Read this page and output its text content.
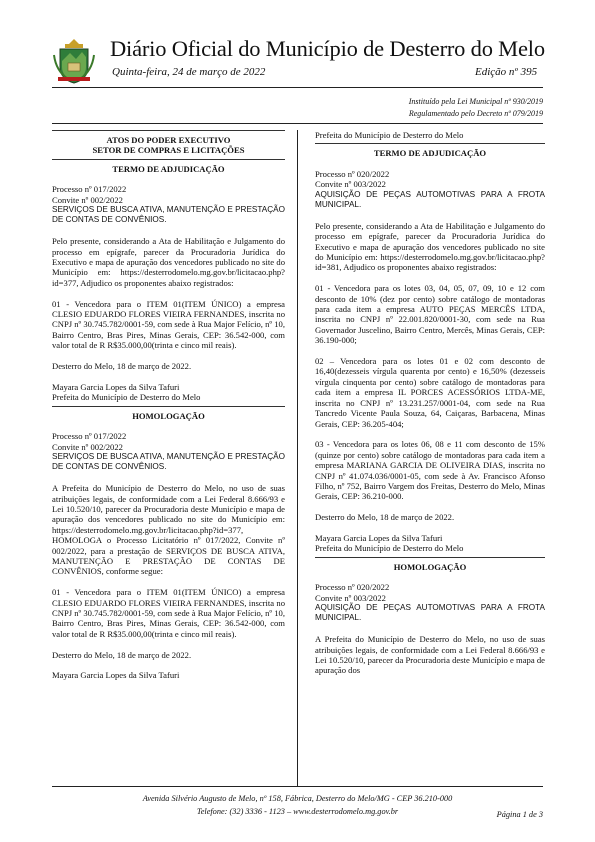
Diário Oficial do Município de Desterro do Melo
Quinta-feira, 24 de março de 2022	Edição nº 395
Instituído pela Lei Municipal nº 930/2019
Regulamentado pelo Decreto nº 079/2019

ATOS DO PODER EXECUTIVO

SETOR DE COMPRAS E LICITAÇÕES

TERMO DE ADJUDICAÇÃO

Processo nº 017/2022

Convite nº 002/2022

SERVIÇOS DE BUSCA ATIVA, MANUTENÇÃO E PRESTAÇÃO DE CONTAS DE CONVÊNIOS.

Pelo presente, considerando a Ata de Habilitação e Julgamento do processo em epígrafe, parecer da Procuradoria Jurídica do Executivo e mapa de apuração dos vencedores publicado no site do Município em: https://desterrodomelo.mg.gov.br/licitacao.php?id=377, Adjudico os proponentes abaixo registrados:

01 - Vencedora para o ITEM 01(ITEM ÚNICO) a empresa CLESIO EDUARDO FLORES VIEIRA FERNANDES, inscrita no CNPJ nº 30.745.782/0001-59, com sede à Rua Major Felício, nº 10, Bairro Centro, Bras Pires, Minas Gerais, CEP: 36.542-000, com valor total de R R$35.000,00(trinta e cinco mil reais).

Desterro do Melo, 18 de março de 2022.

Mayara Garcia Lopes da Silva Tafuri

Prefeita do Município de Desterro do Melo

HOMOLOGAÇÃO

Processo nº 017/2022

Convite nº 002/2022

SERVIÇOS DE BUSCA ATIVA, MANUTENÇÃO E PRESTAÇÃO DE CONTAS DE CONVÊNIOS.

A Prefeita do Município de Desterro do Melo, no uso de suas atribuições legais, de conformidade com a Lei Federal 8.666/93 e Lei 10.520/10, parecer da Procuradoria deste Município e mapa de apuração dos vencedores publicado no site do Município em: https://desterrodomelo.mg.gov.br/licitacao.php?id=377, HOMOLOGA o Processo Licitatório nº 017/2022, Convite nº 002/2022, para a prestação de SERVIÇOS DE BUSCA ATIVA, MANUTENÇÃO E PRESTAÇÃO DE CONTAS DE CONVÊNIOS, conforme segue:

01 - Vencedora para o ITEM 01(ITEM ÚNICO) a empresa CLESIO EDUARDO FLORES VIEIRA FERNANDES, inscrita no CNPJ nº 30.745.782/0001-59, com sede à Rua Major Felício, nº 10, Bairro Centro, Bras Pires, Minas Gerais, CEP: 36.542-000, com valor total de R R$35.000,00(trinta e cinco mil reais).

Desterro do Melo, 18 de março de 2022.

Mayara Garcia Lopes da Silva Tafuri

Prefeita do Município de Desterro do Melo

TERMO DE ADJUDICAÇÃO

Processo nº 020/2022

Convite nº 003/2022

AQUISIÇÃO DE PEÇAS AUTOMOTIVAS PARA A FROTA MUNICIPAL.

Pelo presente, considerando a Ata de Habilitação e Julgamento do processo em epígrafe, parecer da Procuradoria Jurídica do Executivo e mapa de apuração dos vencedores publicado no site do Município em: https://desterrodomelo.mg.gov.br/licitacao.php?id=381, Adjudico os proponentes abaixo registrados:

01 - Vencedora para os lotes 03, 04, 05, 07, 09, 10 e 12 com desconto de 10% (dez por cento) sobre catálogo de montadoras para cada item a empresa AUTO PEÇAS MERCÊS LTDA, inscrita no CNPJ nº 22.001.820/0001-30, com sede na Rua Governador Juscelino, Bairro Centro, Mercês, Minas Gerais, CEP: 36.190-000;

02 – Vencedora para os lotes 01 e 02 com desconto de 16,40(dezesseis vírgula quarenta por cento) e 16,50% (dezesseis vírgula cinquenta por cento) sobre catálogo de montadoras para cada item a empresa IL PORCES ACESSÓRIOS LTDA-ME, inscrita no CNPJ nº 13.231.257/0001-04, com sede na Rua Tancredo Vicente Paula Souza, 64, Caiçaras, Barbacena, Minas Gerais, CEP: 36.205-404;

03 - Vencedora para os lotes 06, 08 e 11 com desconto de 15% (quinze por cento) sobre catálogo de montadoras para cada item a empresa MARIANA GARCIA DE OLIVEIRA DIAS, inscrita no CNPJ nº 41.074.036/0001-05, com sede à Av. Francisco Afonso Filho, nº 752, Bairro Vargem dos Freitas, Desterro do Melo, Minas Gerais, CEP: 36.210-000.

Desterro do Melo, 18 de março de 2022.

Mayara Garcia Lopes da Silva Tafuri

Prefeita do Município de Desterro do Melo

HOMOLOGAÇÃO

Processo nº 020/2022

Convite nº 003/2022

AQUISIÇÃO DE PEÇAS AUTOMOTIVAS PARA A FROTA MUNICIPAL.

A Prefeita do Município de Desterro do Melo, no uso de suas atribuições legais, de conformidade com a Lei Federal 8.666/93 e Lei 10.520/10, parecer da Procuradoria deste Município e mapa de apuração dos

Avenida Silvério Augusto de Melo, nº 158, Fábrica, Desterro do Melo/MG - CEP 36.210-000
Telefone: (32) 3336 - 1123 – www.desterrodomelo.mg.gov.br	Página 1 de 3
